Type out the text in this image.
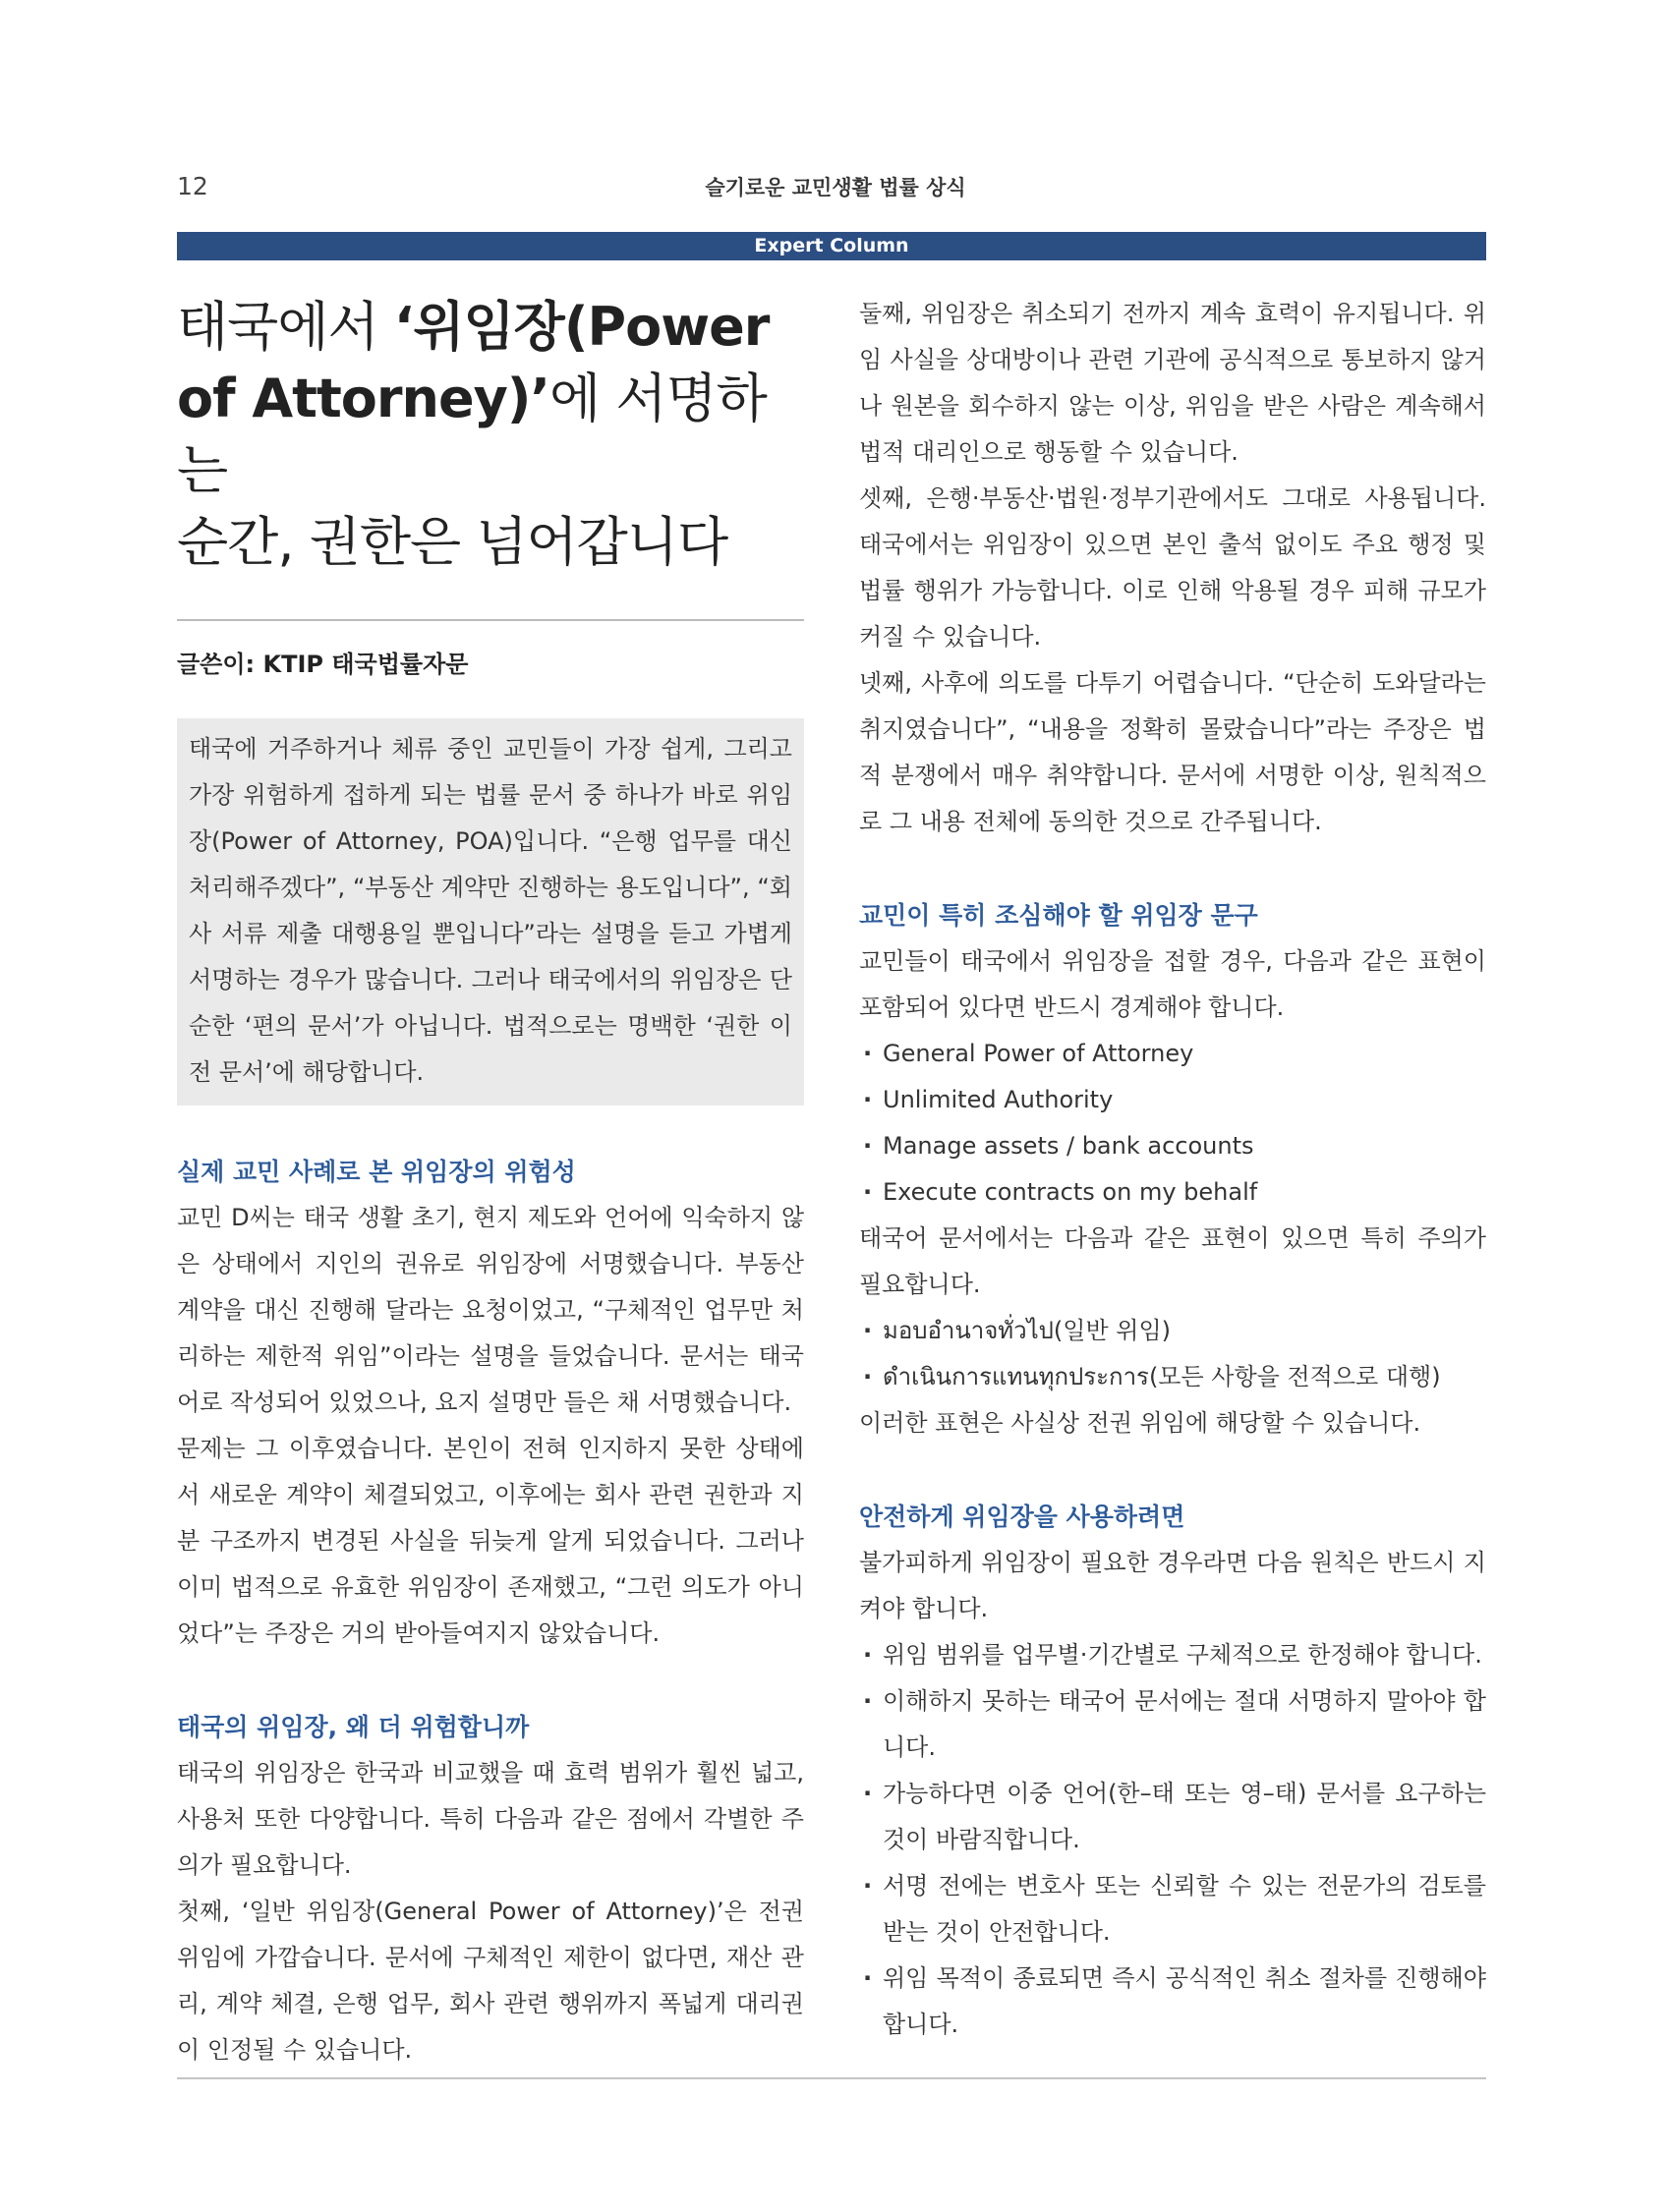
12	슬기로운 교민생활 법률 상식
Expert Column
태국에서 ‘위임장(Power
of Attorney)’에 서명하는
순간, 권한은 넘어갑니다
글쓴이: KTIP 태국법률자문

태국에 거주하거나 체류 중인 교민들이 가장 쉽게, 그리고 가장 위험하게 접하게 되는 법률 문서 중 하나가 바로 위임장(Power of Attorney, POA)입니다. “은행 업무를 대신 처리해주겠다”, “부동산 계약만 진행하는 용도입니다”, “회사 서류 제출 대행용일 뿐입니다”라는 설명을 듣고 가볍게 서명하는 경우가 많습니다. 그러나 태국에서의 위임장은 단순한 ‘편의 문서’가 아닙니다. 법적으로는 명백한 ‘권한 이전 문서’에 해당합니다.

실제 교민 사례로 본 위임장의 위험성

교민 D씨는 태국 생활 초기, 현지 제도와 언어에 익숙하지 않은 상태에서 지인의 권유로 위임장에 서명했습니다. 부동산 계약을 대신 진행해 달라는 요청이었고, “구체적인 업무만 처리하는 제한적 위임”이라는 설명을 들었습니다. 문서는 태국어로 작성되어 있었으나, 요지 설명만 들은 채 서명했습니다.

문제는 그 이후였습니다. 본인이 전혀 인지하지 못한 상태에서 새로운 계약이 체결되었고, 이후에는 회사 관련 권한과 지분 구조까지 변경된 사실을 뒤늦게 알게 되었습니다. 그러나 이미 법적으로 유효한 위임장이 존재했고, “그런 의도가 아니었다”는 주장은 거의 받아들여지지 않았습니다.

태국의 위임장, 왜 더 위험합니까

태국의 위임장은 한국과 비교했을 때 효력 범위가 훨씬 넓고, 사용처 또한 다양합니다. 특히 다음과 같은 점에서 각별한 주의가 필요합니다.

첫째, ‘일반 위임장(General Power of Attorney)’은 전권 위임에 가깝습니다. 문서에 구체적인 제한이 없다면, 재산 관리, 계약 체결, 은행 업무, 회사 관련 행위까지 폭넓게 대리권이 인정될 수 있습니다.

둘째, 위임장은 취소되기 전까지 계속 효력이 유지됩니다. 위임 사실을 상대방이나 관련 기관에 공식적으로 통보하지 않거나 원본을 회수하지 않는 이상, 위임을 받은 사람은 계속해서 법적 대리인으로 행동할 수 있습니다.

셋째, 은행·부동산·법원·정부기관에서도 그대로 사용됩니다. 태국에서는 위임장이 있으면 본인 출석 없이도 주요 행정 및 법률 행위가 가능합니다. 이로 인해 악용될 경우 피해 규모가 커질 수 있습니다.

넷째, 사후에 의도를 다투기 어렵습니다. “단순히 도와달라는 취지였습니다”, “내용을 정확히 몰랐습니다”라는 주장은 법적 분쟁에서 매우 취약합니다. 문서에 서명한 이상, 원칙적으로 그 내용 전체에 동의한 것으로 간주됩니다.

교민이 특히 조심해야 할 위임장 문구

교민들이 태국에서 위임장을 접할 경우, 다음과 같은 표현이 포함되어 있다면 반드시 경계해야 합니다.

· General Power of Attorney
· Unlimited Authority
· Manage assets / bank accounts
· Execute contracts on my behalf

태국어 문서에서는 다음과 같은 표현이 있으면 특히 주의가 필요합니다.

· มอบอำนาจทั่วไป(일반 위임)
· ดำเนินการแทนทุกประการ(모든 사항을 전적으로 대행)

이러한 표현은 사실상 전권 위임에 해당할 수 있습니다.

안전하게 위임장을 사용하려면

불가피하게 위임장이 필요한 경우라면 다음 원칙은 반드시 지켜야 합니다.

· 위임 범위를 업무별·기간별로 구체적으로 한정해야 합니다.
· 이해하지 못하는 태국어 문서에는 절대 서명하지 말아야 합니다.
· 가능하다면 이중 언어(한–태 또는 영–태) 문서를 요구하는 것이 바람직합니다.
· 서명 전에는 변호사 또는 신뢰할 수 있는 전문가의 검토를 받는 것이 안전합니다.
· 위임 목적이 종료되면 즉시 공식적인 취소 절차를 진행해야 합니다.
